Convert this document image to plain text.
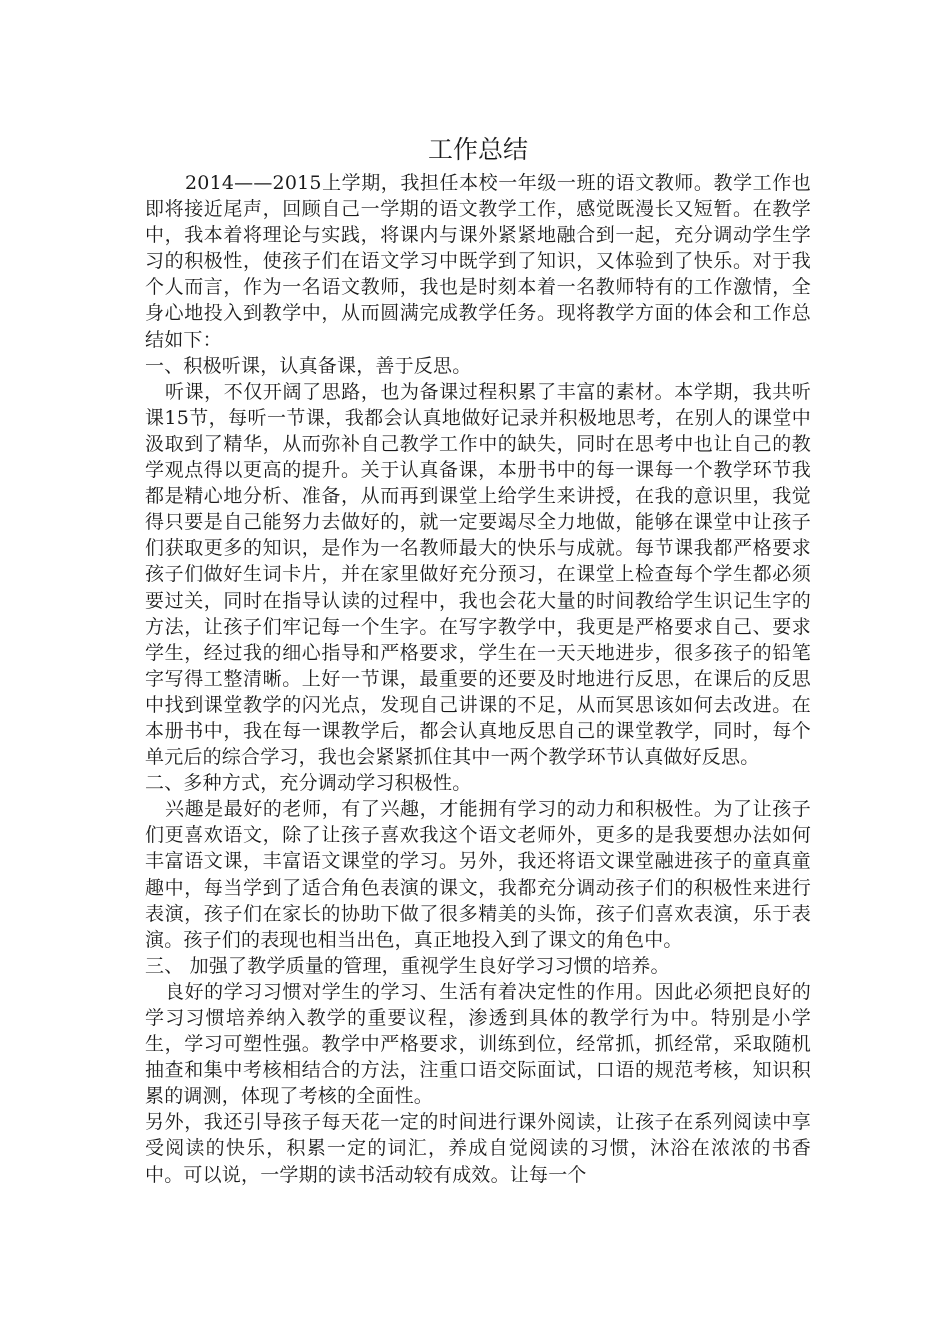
工作总结

2014——2015上学期，我担任本校一年级一班的语文教师。教学工作也即将接近尾声，回顾自己一学期的语文教学工作，感觉既漫长又短暂。在教学中，我本着将理论与实践，将课内与课外紧紧地融合到一起，充分调动学生学习的积极性，使孩子们在语文学习中既学到了知识，又体验到了快乐。对于我个人而言，作为一名语文教师，我也是时刻本着一名教师特有的工作激情，全身心地投入到教学中，从而圆满完成教学任务。现将教学方面的体会和工作总结如下：

一、积极听课，认真备课，善于反思。

听课，不仅开阔了思路，也为备课过程积累了丰富的素材。本学期，我共听课15节，每听一节课，我都会认真地做好记录并积极地思考，在别人的课堂中汲取到了精华，从而弥补自己教学工作中的缺失，同时在思考中也让自己的教学观点得以更高的提升。关于认真备课，本册书中的每一课每一个教学环节我都是精心地分析、准备，从而再到课堂上给学生来讲授，在我的意识里，我觉得只要是自己能努力去做好的，就一定要竭尽全力地做，能够在课堂中让孩子们获取更多的知识，是作为一名教师最大的快乐与成就。每节课我都严格要求孩子们做好生词卡片，并在家里做好充分预习，在课堂上检查每个学生都必须要过关，同时在指导认读的过程中，我也会花大量的时间教给学生识记生字的方法，让孩子们牢记每一个生字。在写字教学中，我更是严格要求自己、要求学生，经过我的细心指导和严格要求，学生在一天天地进步，很多孩子的铅笔字写得工整清晰。上好一节课，最重要的还要及时地进行反思，在课后的反思中找到课堂教学的闪光点，发现自己讲课的不足，从而冥思该如何去改进。在本册书中，我在每一课教学后，都会认真地反思自己的课堂教学，同时，每个单元后的综合学习，我也会紧紧抓住其中一两个教学环节认真做好反思。

二、多种方式，充分调动学习积极性。

兴趣是最好的老师，有了兴趣，才能拥有学习的动力和积极性。为了让孩子们更喜欢语文，除了让孩子喜欢我这个语文老师外，更多的是我要想办法如何丰富语文课，丰富语文课堂的学习。另外，我还将语文课堂融进孩子的童真童趣中，每当学到了适合角色表演的课文，我都充分调动孩子们的积极性来进行表演，孩子们在家长的协助下做了很多精美的头饰，孩子们喜欢表演，乐于表演。孩子们的表现也相当出色，真正地投入到了课文的角色中。

三、 加强了教学质量的管理，重视学生良好学习习惯的培养。

良好的学习习惯对学生的学习、生活有着决定性的作用。因此必须把良好的学习习惯培养纳入教学的重要议程，渗透到具体的教学行为中。特别是小学生，学习可塑性强。教学中严格要求，训练到位，经常抓，抓经常，采取随机抽查和集中考核相结合的方法，注重口语交际面试，口语的规范考核，知识积累的调测，体现了考核的全面性。

另外，我还引导孩子每天花一定的时间进行课外阅读，让孩子在系列阅读中享受阅读的快乐，积累一定的词汇，养成自觉阅读的习惯，沐浴在浓浓的书香中。可以说，一学期的读书活动较有成效。让每一个
